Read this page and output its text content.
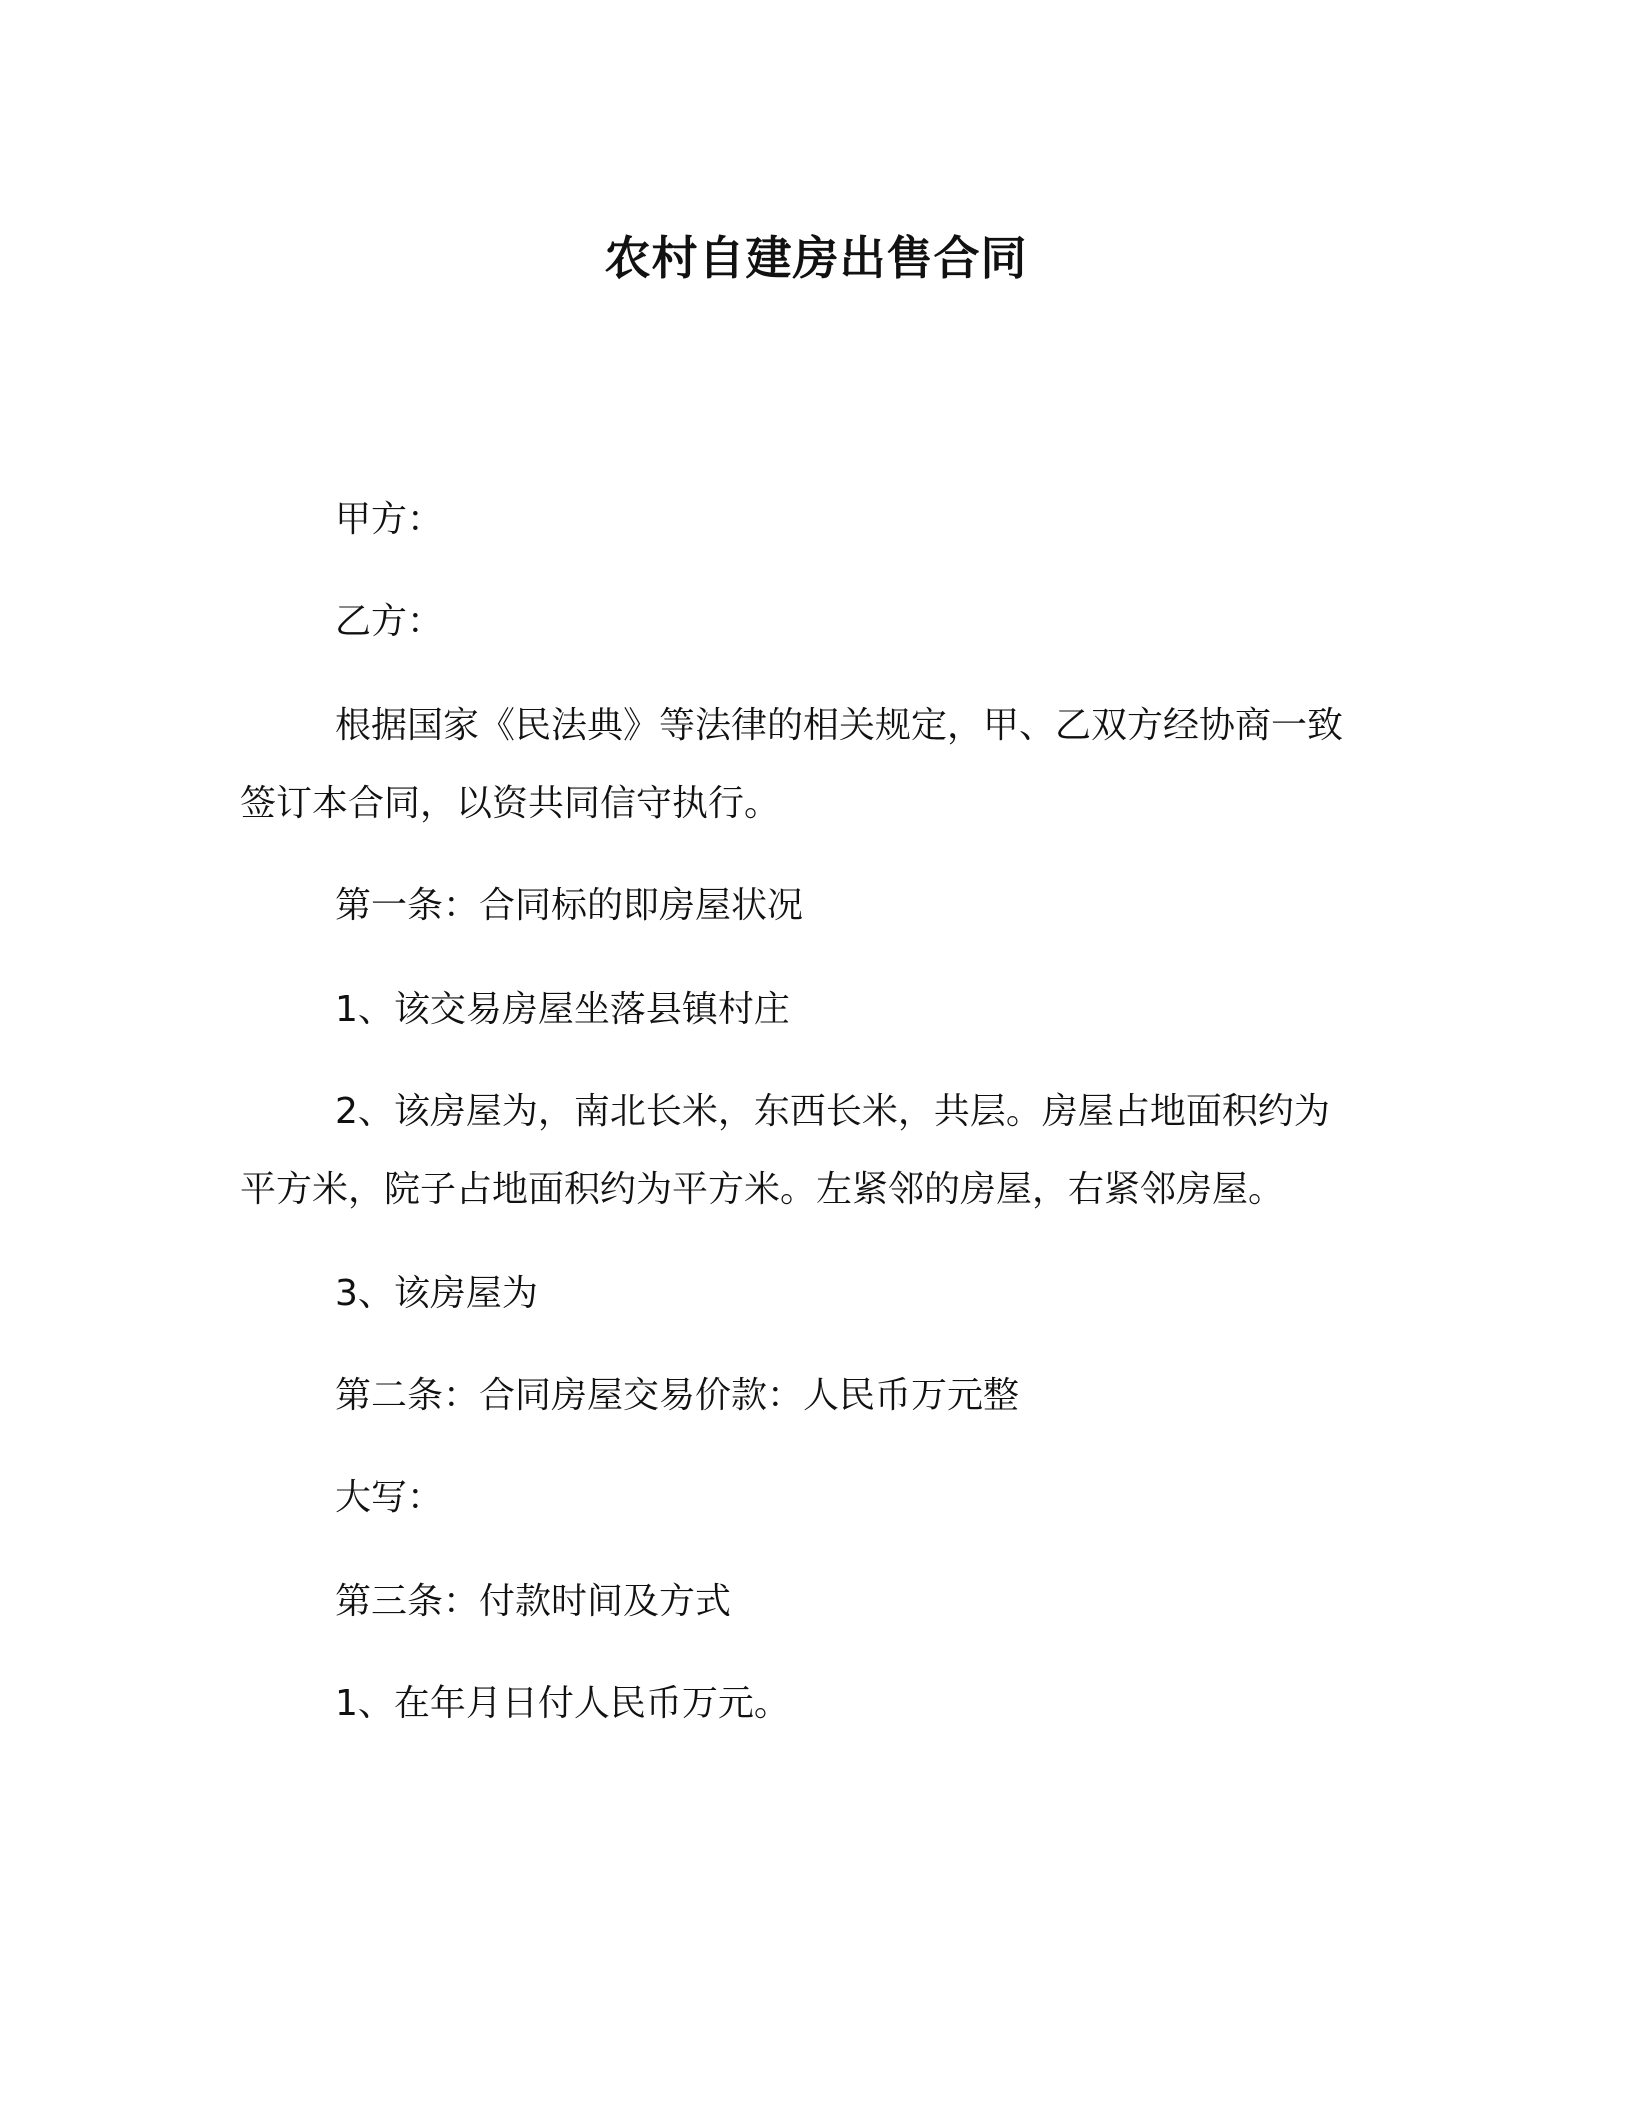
农村自建房出售合同

甲方：

乙方：

根据国家《民法典》等法律的相关规定，甲、乙双方经协商一致

签订本合同，以资共同信守执行。

第一条：合同标的即房屋状况

1、该交易房屋坐落县镇村庄

2、该房屋为，南北长米，东西长米，共层。房屋占地面积约为

平方米，院子占地面积约为平方米。左紧邻的房屋，右紧邻房屋。

3、该房屋为

第二条：合同房屋交易价款：人民币万元整

大写：

第三条：付款时间及方式

1、在年月日付人民币万元。
